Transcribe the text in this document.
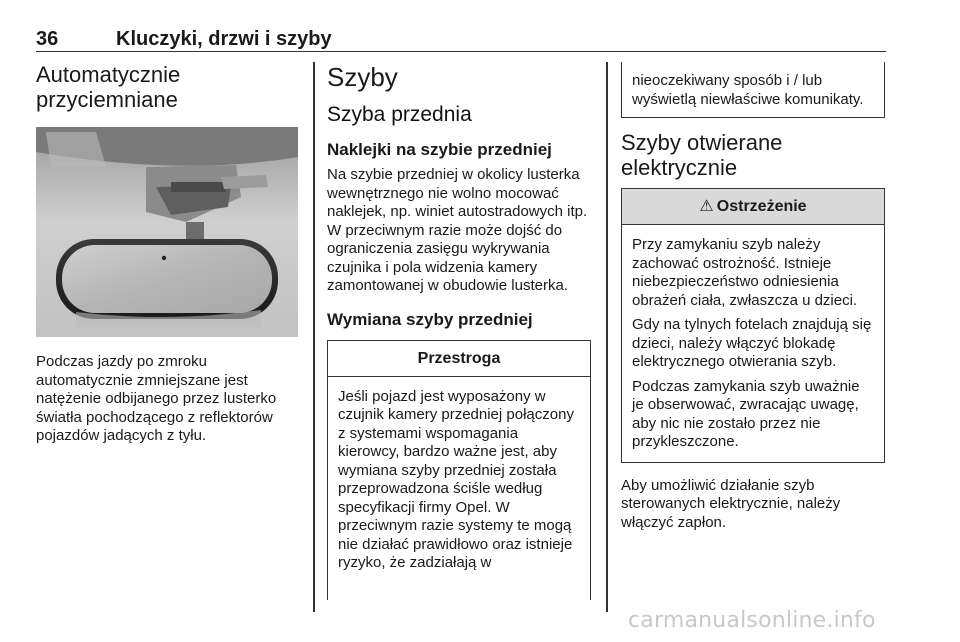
36	Kluczyki, drzwi i szyby
Automatycznie przyciemniane

Podczas jazdy po zmroku automatycznie zmniejszane jest natężenie odbijanego przez lusterko światła pochodzącego z reflektorów pojazdów jadących z tyłu.

Szyby
Szyba przednia
Naklejki na szybie przedniej

Na szybie przedniej w okolicy lusterka wewnętrznego nie wolno mocować naklejek, np. winiet autostradowych itp. W przeciwnym razie może dojść do ograniczenia zasięgu wykrywania czujnika i pola widzenia kamery zamontowanej w obudowie lusterka.

Wymiana szyby przedniej
Przestroga

Jeśli pojazd jest wyposażony w czujnik kamery przedniej połączony z systemami wspomagania kierowcy, bardzo ważne jest, aby wymiana szyby przedniej została przeprowadzona ściśle według specyfikacji firmy Opel. W przeciwnym razie systemy te mogą nie działać prawidłowo oraz istnieje ryzyko, że zadziałają w

nieoczekiwany sposób i / lub wyświetlą niewłaściwe komunikaty.

Szyby otwierane elektrycznie
⚠ Ostrzeżenie

Przy zamykaniu szyb należy zachować ostrożność. Istnieje niebezpieczeństwo odniesienia obrażeń ciała, zwłaszcza u dzieci.

Gdy na tylnych fotelach znajdują się dzieci, należy włączyć blokadę elektrycznego otwierania szyb.

Podczas zamykania szyb uważnie je obserwować, zwracając uwagę, aby nic nie zostało przez nie przykleszczone.

Aby umożliwić działanie szyb sterowanych elektrycznie, należy włączyć zapłon.

carmanualsonline.info
